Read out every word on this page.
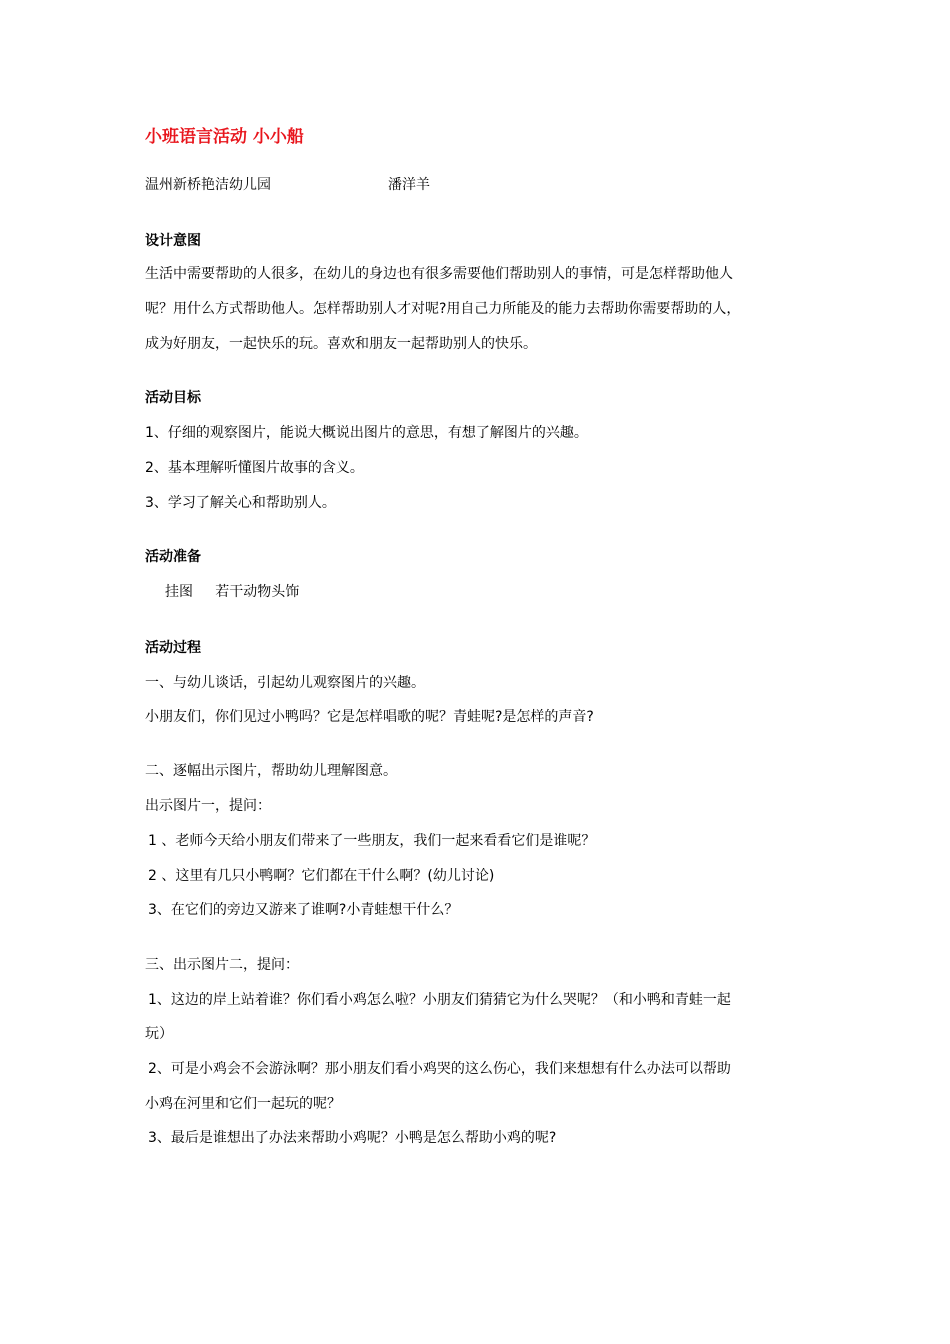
小班语言活动 小小船
温州新桥艳洁幼儿园	潘洋羊
设计意图
生活中需要帮助的人很多，在幼儿的身边也有很多需要他们帮助别人的事情，可是怎样帮助他人
呢？用什么方式帮助他人。怎样帮助别人才对呢?用自己力所能及的能力去帮助你需要帮助的人，
成为好朋友，一起快乐的玩。喜欢和朋友一起帮助别人的快乐。
活动目标
1、仔细的观察图片，能说大概说出图片的意思，有想了解图片的兴趣。
2、基本理解听懂图片故事的含义。
3、学习了解关心和帮助别人。
活动准备
挂图     若干动物头饰
活动过程
一、与幼儿谈话，引起幼儿观察图片的兴趣。
小朋友们，你们见过小鸭吗？它是怎样唱歌的呢？青蛙呢?是怎样的声音?
二、逐幅出示图片，帮助幼儿理解图意。
出示图片一，提问：
1 、老师今天给小朋友们带来了一些朋友，我们一起来看看它们是谁呢？
2 、这里有几只小鸭啊？它们都在干什么啊？(幼儿讨论)
3、在它们的旁边又游来了谁啊?小青蛙想干什么？
三、出示图片二，提问：
1、这边的岸上站着谁？你们看小鸡怎么啦？小朋友们猜猜它为什么哭呢？（和小鸭和青蛙一起
玩）
2、可是小鸡会不会游泳啊？那小朋友们看小鸡哭的这么伤心，我们来想想有什么办法可以帮助
小鸡在河里和它们一起玩的呢？
3、最后是谁想出了办法来帮助小鸡呢？小鸭是怎么帮助小鸡的呢?
